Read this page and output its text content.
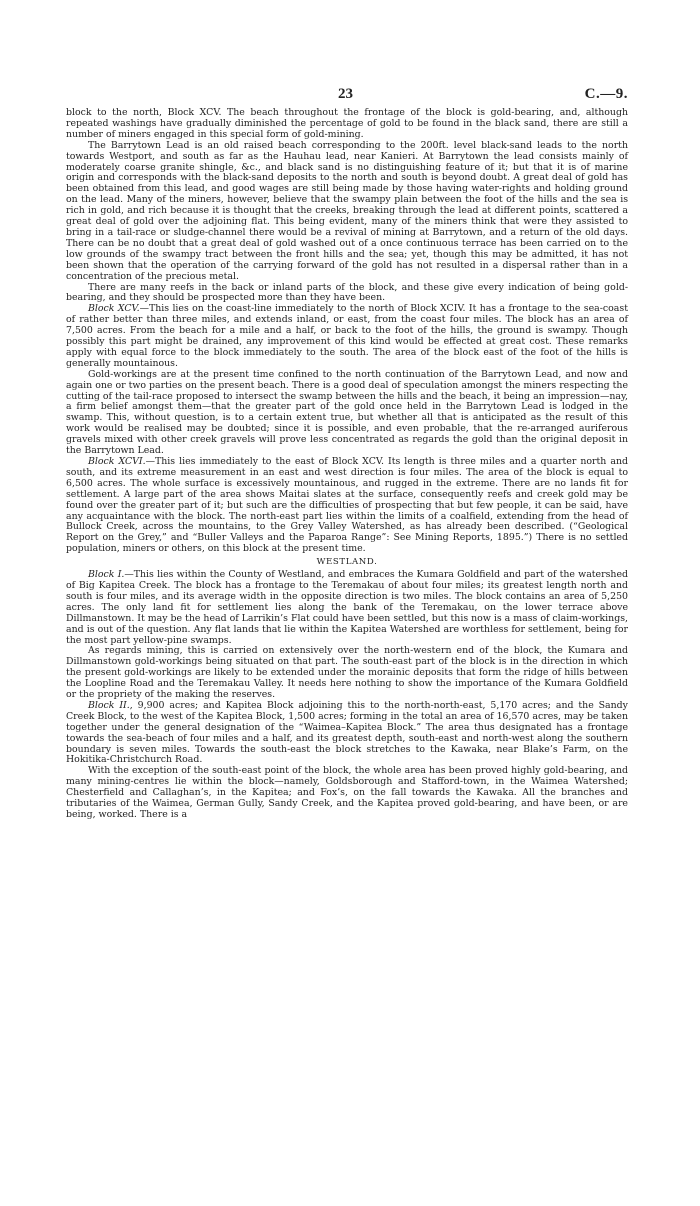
23	C.—9.

block to the north, Block XCV. The beach throughout the frontage of the block is gold-bearing, and, although repeated washings have gradually diminished the percentage of gold to be found in the black sand, there are still a number of miners engaged in this special form of gold-mining.

The Barrytown Lead is an old raised beach corresponding to the 200ft. level black-sand leads to the north towards Westport, and south as far as the Hauhau lead, near Kanieri. At Barrytown the lead consists mainly of moderately coarse granite shingle, &c., and black sand is no distinguishing feature of it; but that it is of marine origin and corresponds with the black-sand deposits to the north and south is beyond doubt. A great deal of gold has been obtained from this lead, and good wages are still being made by those having water-rights and holding ground on the lead. Many of the miners, however, believe that the swampy plain between the foot of the hills and the sea is rich in gold, and rich because it is thought that the creeks, breaking through the lead at different points, scattered a great deal of gold over the adjoining flat. This being evident, many of the miners think that were they assisted to bring in a tail-race or sludge-channel there would be a revival of mining at Barrytown, and a return of the old days. There can be no doubt that a great deal of gold washed out of a once continuous terrace has been carried on to the low grounds of the swampy tract between the front hills and the sea; yet, though this may be admitted, it has not been shown that the operation of the carrying forward of the gold has not resulted in a dispersal rather than in a concentration of the precious metal.

There are many reefs in the back or inland parts of the block, and these give every indication of being gold-bearing, and they should be prospected more than they have been.

Block XCV.—This lies on the coast-line immediately to the north of Block XCIV. It has a frontage to the sea-coast of rather better than three miles, and extends inland, or east, from the coast four miles. The block has an area of 7,500 acres. From the beach for a mile and a half, or back to the foot of the hills, the ground is swampy. Though possibly this part might be drained, any improvement of this kind would be effected at great cost. These remarks apply with equal force to the block immediately to the south. The area of the block east of the foot of the hills is generally mountainous.

Gold-workings are at the present time confined to the north continuation of the Barrytown Lead, and now and again one or two parties on the present beach. There is a good deal of speculation amongst the miners respecting the cutting of the tail-race proposed to intersect the swamp between the hills and the beach, it being an impression—nay, a firm belief amongst them—that the greater part of the gold once held in the Barrytown Lead is lodged in the swamp. This, without question, is to a certain extent true, but whether all that is anticipated as the result of this work would be realised may be doubted; since it is possible, and even probable, that the re-arranged auriferous gravels mixed with other creek gravels will prove less concentrated as regards the gold than the original deposit in the Barrytown Lead.

Block XCVI.—This lies immediately to the east of Block XCV. Its length is three miles and a quarter north and south, and its extreme measurement in an east and west direction is four miles. The area of the block is equal to 6,500 acres. The whole surface is excessively mountainous, and rugged in the extreme. There are no lands fit for settlement. A large part of the area shows Maitai slates at the surface, consequently reefs and creek gold may be found over the greater part of it; but such are the difficulties of prospecting that but few people, it can be said, have any acquaintance with the block. The north-east part lies within the limits of a coalfield, extending from the head of Bullock Creek, across the mountains, to the Grey Valley Watershed, as has already been described. (“Geological Report on the Grey,” and “Buller Valleys and the Paparoa Range”: See Mining Reports, 1895.”) There is no settled population, miners or others, on this block at the present time.

WESTLAND.

Block I.—This lies within the County of Westland, and embraces the Kumara Goldfield and part of the watershed of Big Kapitea Creek. The block has a frontage to the Teremakau of about four miles; its greatest length north and south is four miles, and its average width in the opposite direction is two miles. The block contains an area of 5,250 acres. The only land fit for settlement lies along the bank of the Teremakau, on the lower terrace above Dillmanstown. It may be the head of Larrikin’s Flat could have been settled, but this now is a mass of claim-workings, and is out of the question. Any flat lands that lie within the Kapitea Watershed are worthless for settlement, being for the most part yellow-pine swamps.

As regards mining, this is carried on extensively over the north-western end of the block, the Kumara and Dillmanstown gold-workings being situated on that part. The south-east part of the block is in the direction in which the present gold-workings are likely to be extended under the morainic deposits that form the ridge of hills between the Loopline Road and the Teremakau Valley. It needs here nothing to show the importance of the Kumara Goldfield or the propriety of the making the reserves.

Block II., 9,900 acres; and Kapitea Block adjoining this to the north-north-east, 5,170 acres; and the Sandy Creek Block, to the west of the Kapitea Block, 1,500 acres; forming in the total an area of 16,570 acres, may be taken together under the general designation of the “Waimea–Kapitea Block.” The area thus designated has a frontage towards the sea-beach of four miles and a half, and its greatest depth, south-east and north-west along the southern boundary is seven miles. Towards the south-east the block stretches to the Kawaka, near Blake’s Farm, on the Hokitika-Christchurch Road.

With the exception of the south-east point of the block, the whole area has been proved highly gold-bearing, and many mining-centres lie within the block—namely, Goldsborough and Stafford-town, in the Waimea Watershed; Chesterfield and Callaghan’s, in the Kapitea; and Fox’s, on the fall towards the Kawaka. All the branches and tributaries of the Waimea, German Gully, Sandy Creek, and the Kapitea proved gold-bearing, and have been, or are being, worked. There is a
